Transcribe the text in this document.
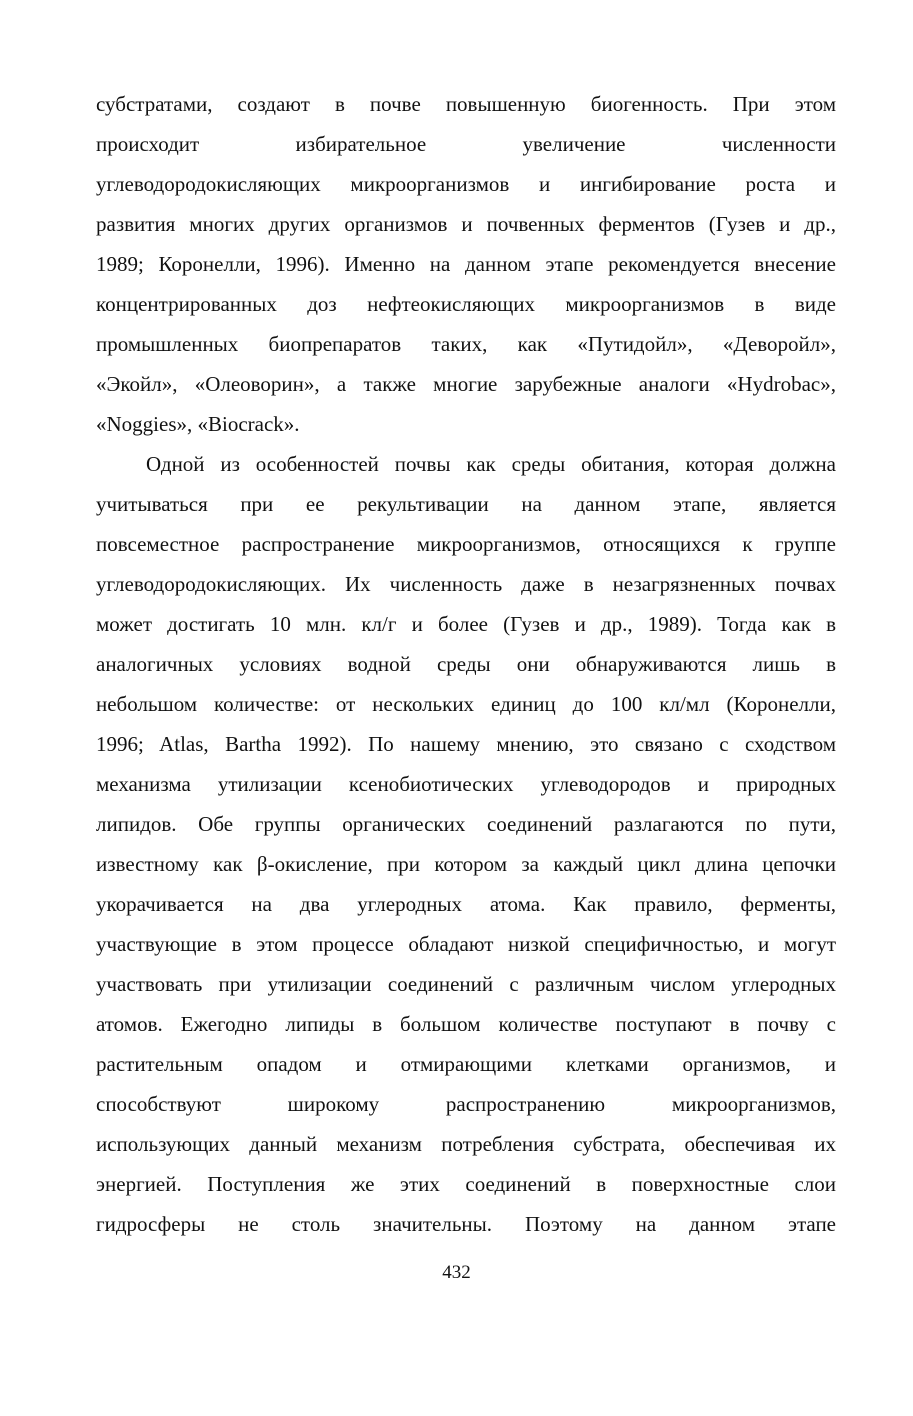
субстратами, создают в почве повышенную биогенность. При этом
происходит избирательное увеличение численности
углеводородокисляющих микроорганизмов и ингибирование роста и
развития многих других организмов и почвенных ферментов (Гузев и др.,
1989; Коронелли, 1996). Именно на данном этапе рекомендуется внесение
концентрированных доз нефтеокисляющих микроорганизмов в виде
промышленных биопрепаратов таких, как «Путидойл», «Деворойл»,
«Экойл», «Олеоворин», а также многие зарубежные аналоги «Hydrobac»,
«Noggies», «Biocrack».
Одной из особенностей почвы как среды обитания, которая должна
учитываться при ее рекультивации на данном этапе, является
повсеместное распространение микроорганизмов, относящихся к группе
углеводородокисляющих. Их численность даже в незагрязненных почвах
может достигать 10 млн. кл/г и более (Гузев и др., 1989). Тогда как в
аналогичных условиях водной среды они обнаруживаются лишь в
небольшом количестве: от нескольких единиц до 100 кл/мл (Коронелли,
1996; Atlas, Bartha 1992). По нашему мнению, это связано с сходством
механизма утилизации ксенобиотических углеводородов и природных
липидов. Обе группы органических соединений разлагаются по пути,
известному как β-окисление, при котором за каждый цикл длина цепочки
укорачивается на два углеродных атома. Как правило, ферменты,
участвующие в этом процессе обладают низкой специфичностью, и могут
участвовать при утилизации соединений с различным числом углеродных
атомов. Ежегодно липиды в большом количестве поступают в почву с
растительным опадом и отмирающими клетками организмов, и
способствуют широкому распространению микроорганизмов,
использующих данный механизм потребления субстрата, обеспечивая их
энергией. Поступления же этих соединений в поверхностные слои
гидросферы не столь значительны. Поэтому на данном этапе
432
